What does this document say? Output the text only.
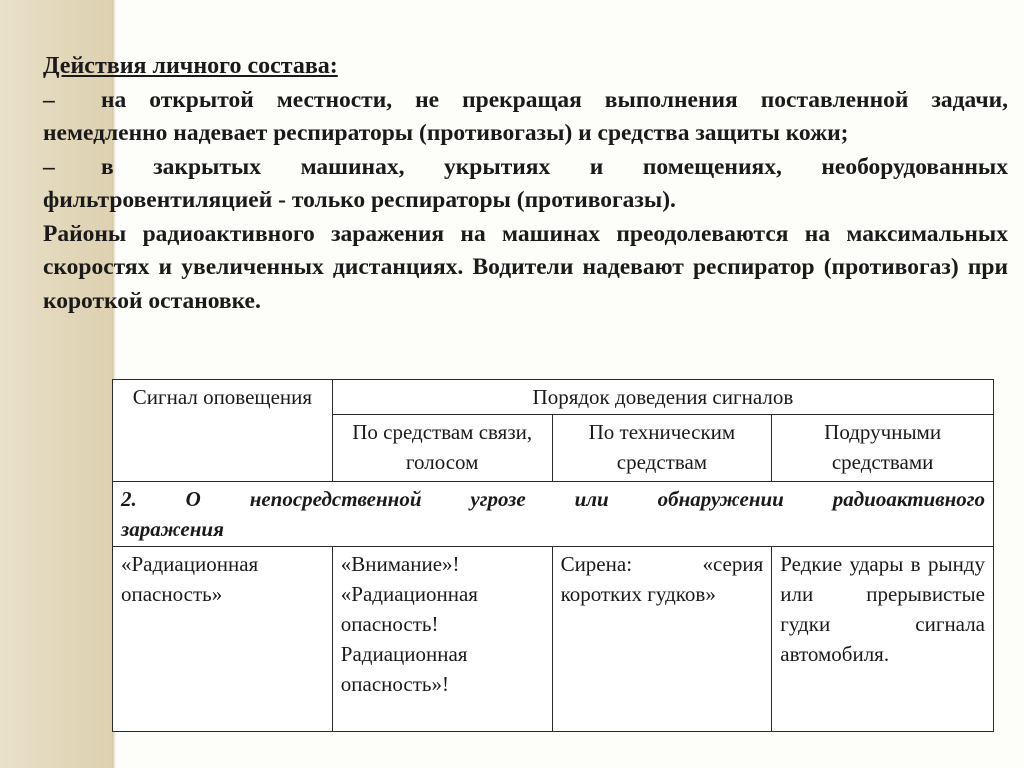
Действия личного состава:

– на открытой местности, не прекращая выполнения поставленной задачи, немедленно надевает респираторы (противогазы) и средства защиты кожи;

– в закрытых машинах, укрытиях и помещениях, необорудованных фильтровентиляцией - только респираторы (противогазы).

Районы радиоактивного заражения на машинах преодолеваются на максимальных скоростях и увеличенных дистанциях. Водители надевают респиратор (противогаз) при короткой остановке.

Сигнал оповещения	Порядок доведения сигналов		
	По средствам связи, голосом	По техническим средствам	Подручными средствами

2. О непосредственной угрозе или обнаружении радиоактивного
заражения			
«Радиационная опасность»	«Внимание»! «Радиационная опасность! Радиационная опасность»!	Сирена: «серия коротких гудков»	Редкие удары в рынду или прерывистые гудки сигнала автомобиля.
